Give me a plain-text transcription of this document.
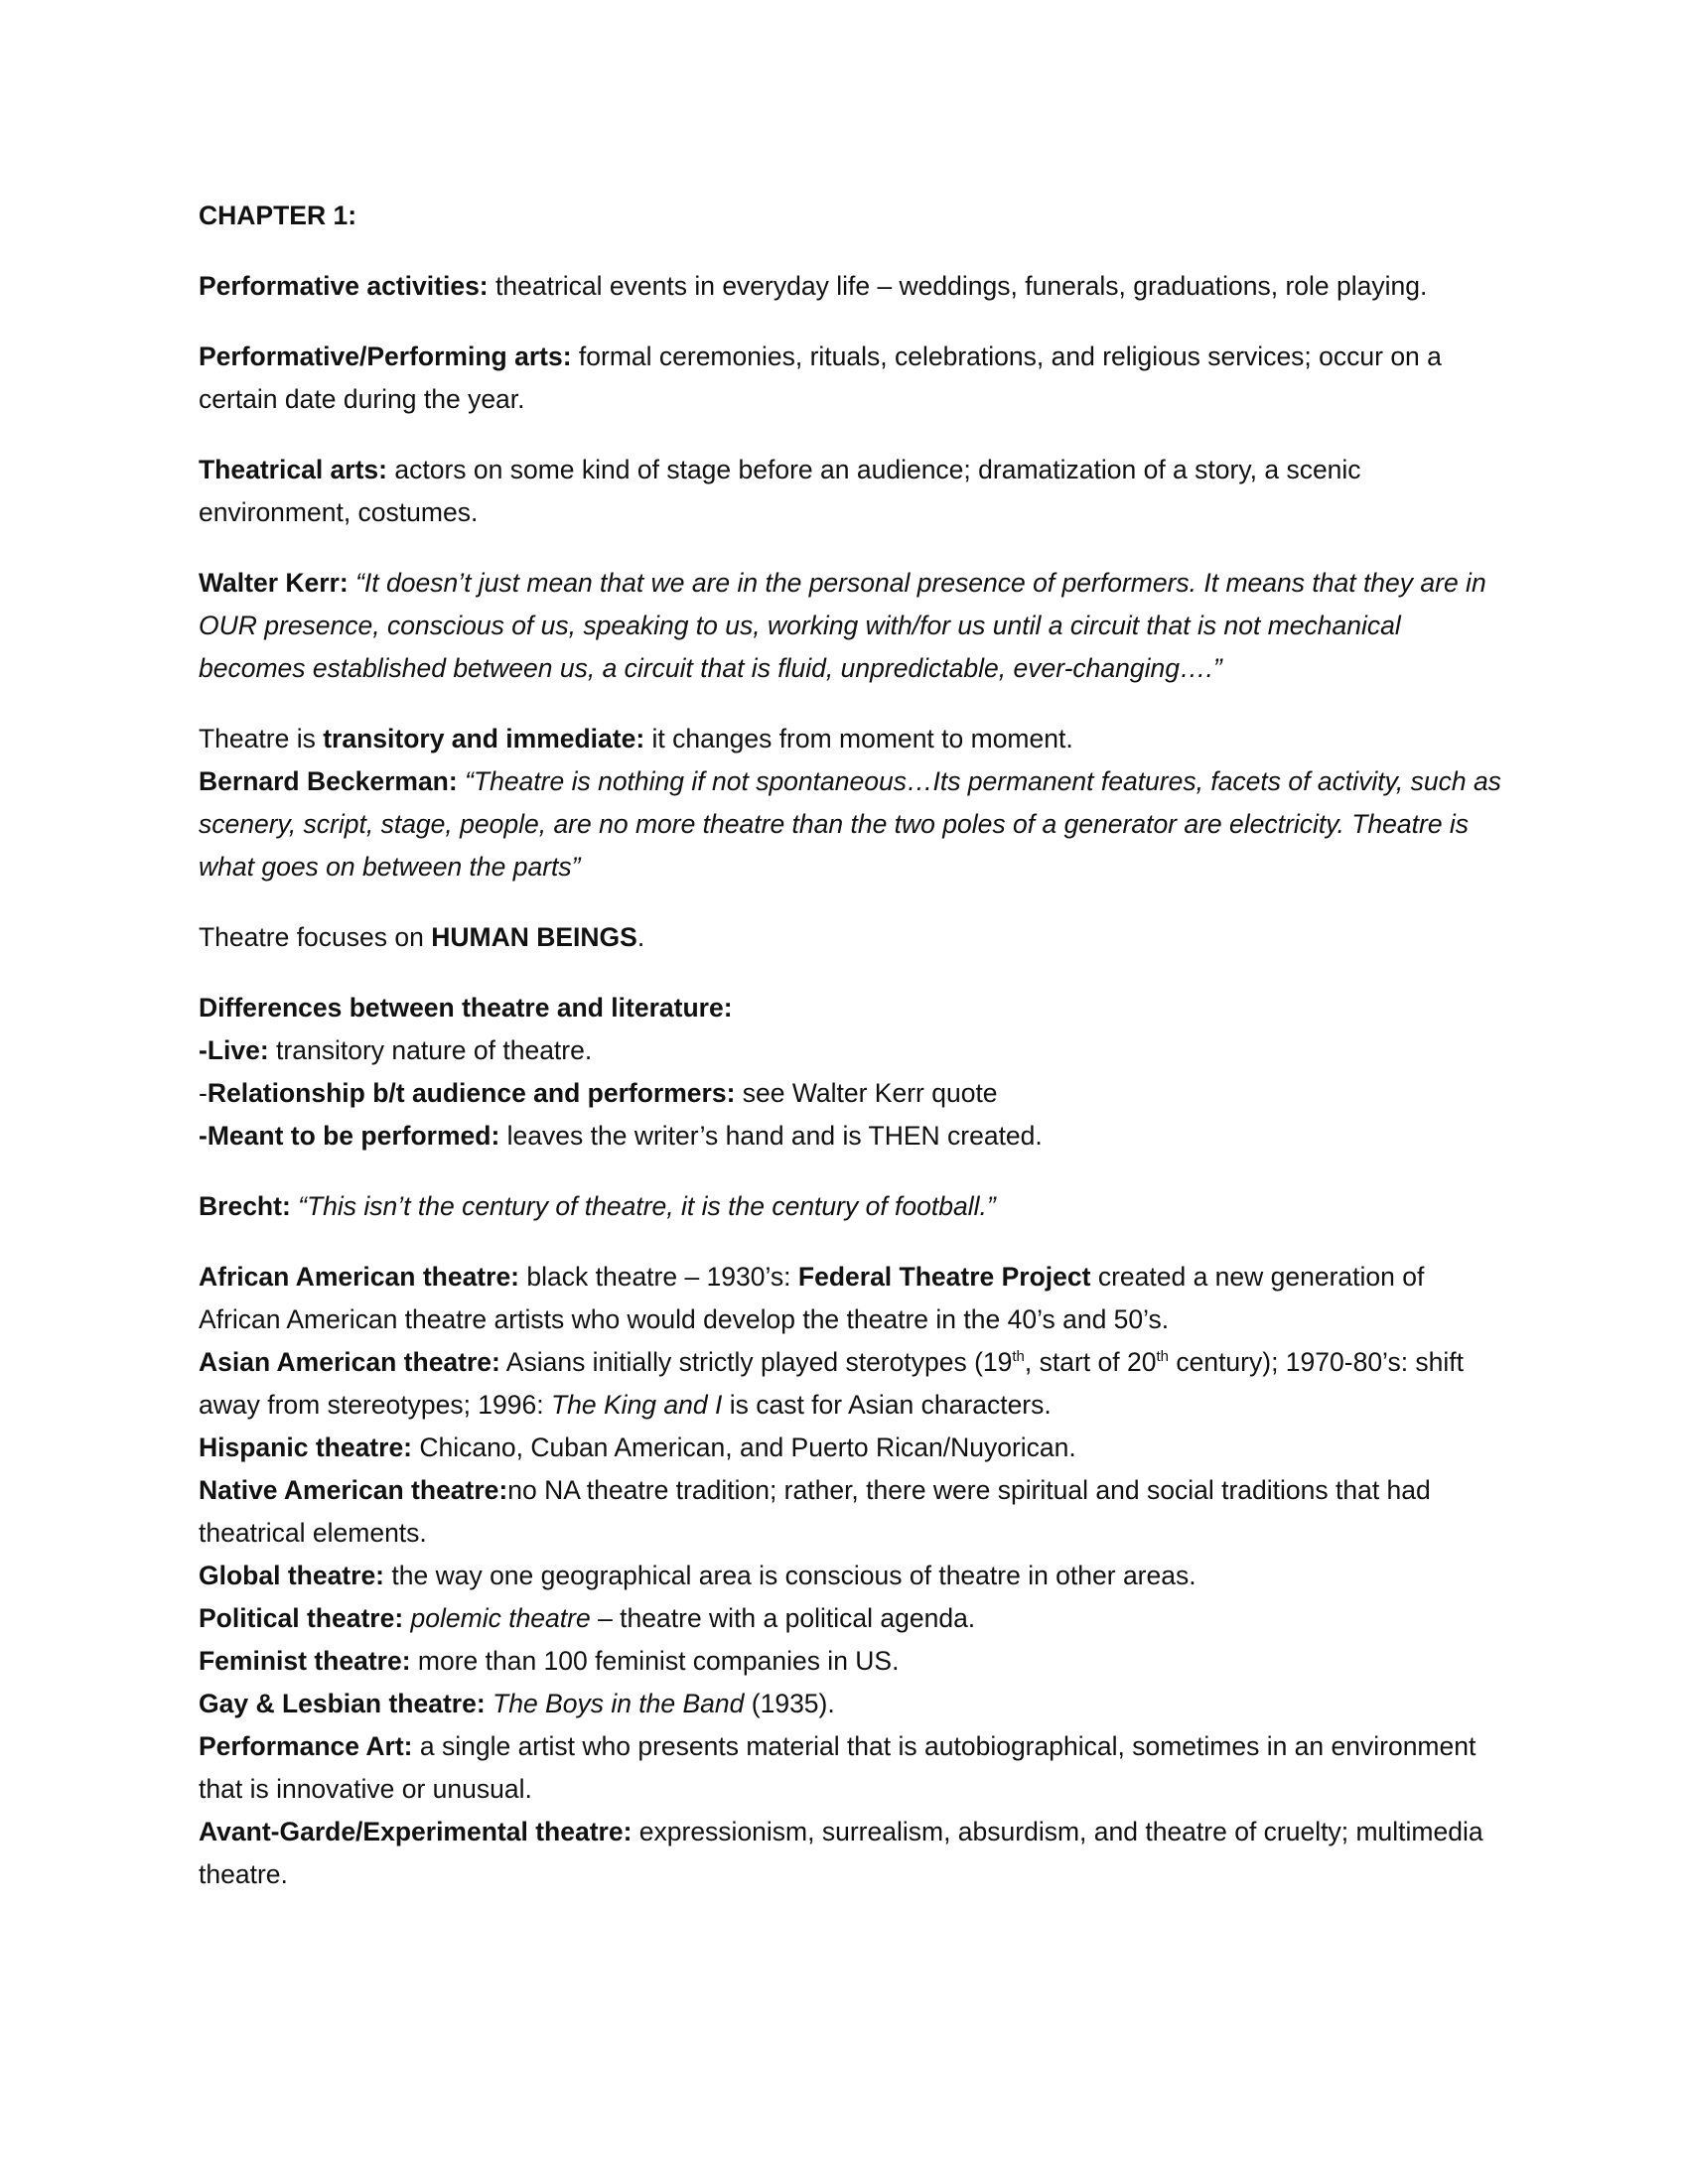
CHAPTER 1:

Performative activities: theatrical events in everyday life – weddings, funerals, graduations, role playing.

Performative/Performing arts: formal ceremonies, rituals, celebrations, and religious services; occur on a certain date during the year.

Theatrical arts: actors on some kind of stage before an audience; dramatization of a story, a scenic environment, costumes.

Walter Kerr: “It doesn’t just mean that we are in the personal presence of performers. It means that they are in OUR presence, conscious of us, speaking to us, working with/for us until a circuit that is not mechanical becomes established between us, a circuit that is fluid, unpredictable, ever-changing….”

Theatre is transitory and immediate: it changes from moment to moment.

Bernard Beckerman: “Theatre is nothing if not spontaneous…Its permanent features, facets of activity, such as scenery, script, stage, people, are no more theatre than the two poles of a generator are electricity. Theatre is what goes on between the parts”

Theatre focuses on HUMAN BEINGS.

Differences between theatre and literature:

-Live: transitory nature of theatre.

-Relationship b/t audience and performers: see Walter Kerr quote

-Meant to be performed: leaves the writer’s hand and is THEN created.

Brecht: “This isn’t the century of theatre, it is the century of football.”

African American theatre: black theatre – 1930’s: Federal Theatre Project created a new generation of African American theatre artists who would develop the theatre in the 40’s and 50’s.

Asian American theatre: Asians initially strictly played sterotypes (19th, start of 20th century); 1970-80’s: shift away from stereotypes; 1996: The King and I is cast for Asian characters.

Hispanic theatre: Chicano, Cuban American, and Puerto Rican/Nuyorican.

Native American theatre:no NA theatre tradition; rather, there were spiritual and social traditions that had theatrical elements.

Global theatre: the way one geographical area is conscious of theatre in other areas.

Political theatre: polemic theatre – theatre with a political agenda.

Feminist theatre: more than 100 feminist companies in US.

Gay & Lesbian theatre: The Boys in the Band (1935).

Performance Art: a single artist who presents material that is autobiographical, sometimes in an environment that is innovative or unusual.

Avant-Garde/Experimental theatre: expressionism, surrealism, absurdism, and theatre of cruelty; multimedia theatre.
